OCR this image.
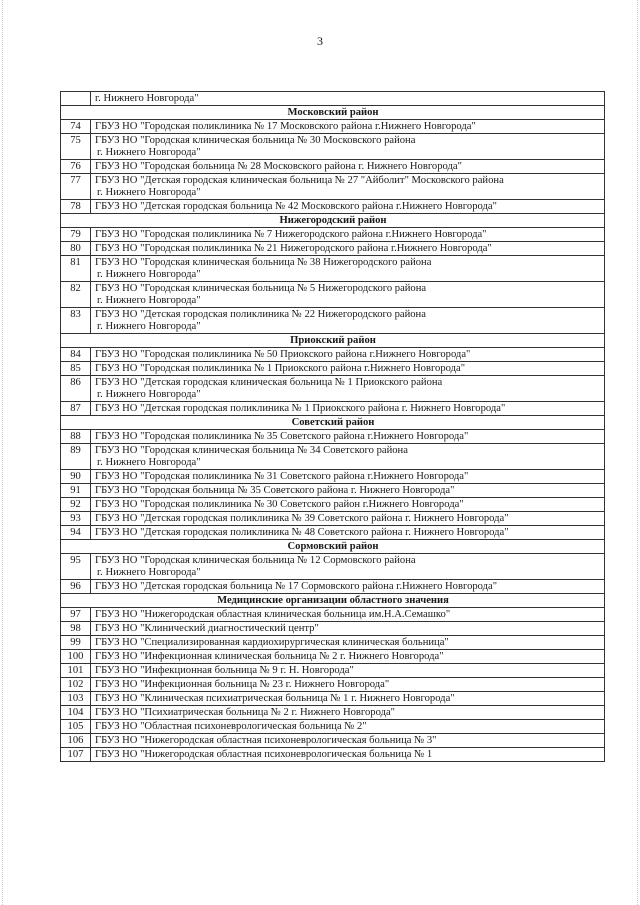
3

	г. Нижнего Новгорода"

Московский район	
74	ГБУЗ НО "Городская поликлиника № 17 Московского района г.Нижнего Новгорода"

75	ГБУЗ НО "Городская клиническая больница № 30 Московского района
г. Нижнего Новгорода"

76	ГБУЗ НО "Городская больница № 28 Московского района г. Нижнего Новгорода"

77	ГБУЗ НО "Детская городская клиническая больница № 27 "Айболит" Московского района
г. Нижнего Новгорода"

78	ГБУЗ НО "Детская городская больница № 42 Московского района г.Нижнего Новгорода"

Нижегородский район	
79	ГБУЗ НО "Городская поликлиника № 7 Нижегородского района г.Нижнего Новгорода"

80	ГБУЗ НО "Городская поликлиника № 21 Нижегородского района г.Нижнего Новгорода"

81	ГБУЗ НО "Городская клиническая больница № 38 Нижегородского района
г. Нижнего Новгорода"

82	ГБУЗ НО "Городская клиническая больница № 5 Нижегородского района
г. Нижнего Новгорода"

83	ГБУЗ НО "Детская городская поликлиника № 22 Нижегородского района
г. Нижнего Новгорода"

Приокский район	
84	ГБУЗ НО "Городская поликлиника № 50 Приокского района г.Нижнего Новгорода"

85	ГБУЗ НО "Городская поликлиника № 1 Приокского района г.Нижнего Новгорода"

86	ГБУЗ НО "Детская городская клиническая больница № 1 Приокского района
г. Нижнего Новгорода"

87	ГБУЗ НО "Детская городская поликлиника № 1 Приокского района г. Нижнего Новгорода"

Советский район	
88	ГБУЗ НО "Городская поликлиника № 35 Советского района г.Нижнего Новгорода"

89	ГБУЗ НО "Городская клиническая больница № 34 Советского района
г. Нижнего Новгорода"

90	ГБУЗ НО "Городская поликлиника № 31 Советского района г.Нижнего Новгорода"

91	ГБУЗ НО "Городская больница № 35 Советского района г. Нижнего Новгорода"

92	ГБУЗ НО "Городская поликлиника № 30 Советского район г.Нижнего Новгорода"

93	ГБУЗ НО "Детская городская поликлиника № 39 Советского района г. Нижнего Новгорода"

94	ГБУЗ НО "Детская городская поликлиника № 48 Советского района г. Нижнего Новгорода"

Сормовский район	
95	ГБУЗ НО "Городская клиническая больница № 12 Сормовского района
г. Нижнего Новгорода"

96	ГБУЗ НО "Детская городская больница № 17 Сормовского района г.Нижнего Новгорода"

Медицинские организации областного значения	
97	ГБУЗ НО "Нижегородская областная клиническая больница им.Н.А.Семашко"

98	ГБУЗ НО "Клинический диагностический центр"

99	ГБУЗ НО "Специализированная кардиохирургическая клиническая больница"

100	ГБУЗ НО "Инфекционная клиническая больница № 2 г. Нижнего Новгорода"

101	ГБУЗ НО "Инфекционная больница № 9 г. Н. Новгорода"

102	ГБУЗ НО "Инфекционная больница № 23 г. Нижнего Новгорода"

103	ГБУЗ НО "Клиническая психиатрическая больница № 1 г. Нижнего Новгорода"

104	ГБУЗ НО "Психиатрическая больница № 2 г. Нижнего Новгорода"

105	ГБУЗ НО "Областная психоневрологическая больница № 2"

106	ГБУЗ НО "Нижегородская областная психоневрологическая больница № 3"

107	ГБУЗ НО "Нижегородская областная психоневрологическая больница № 1
